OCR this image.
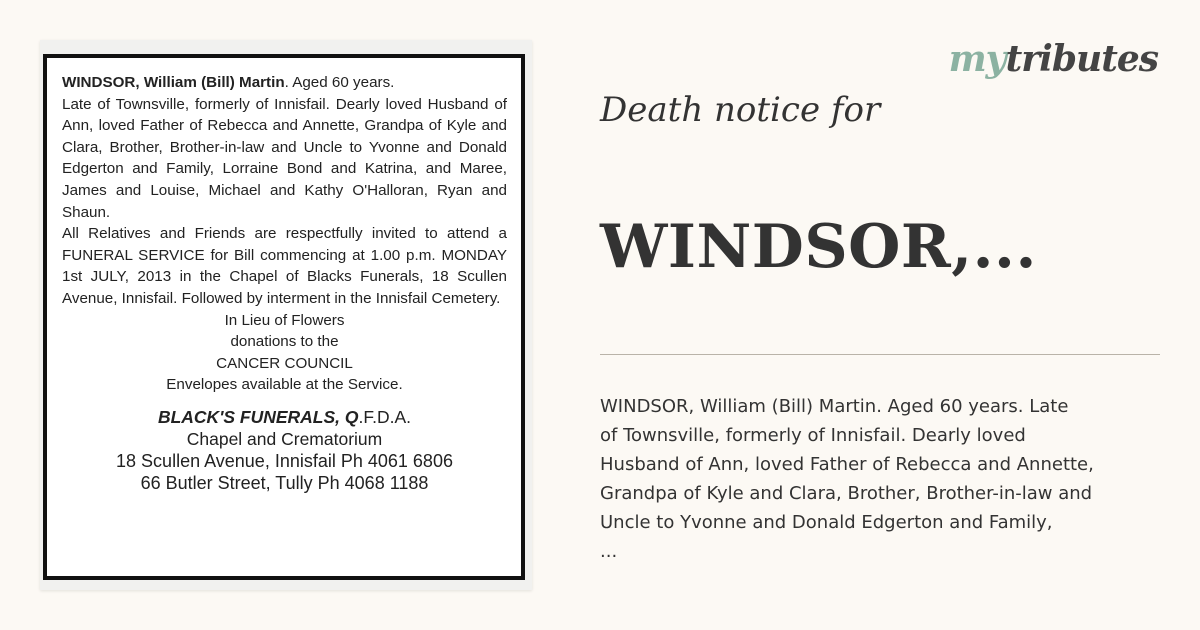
WINDSOR, William (Bill) Martin. Aged 60 years.

Late of Townsville, formerly of Innisfail. Dearly loved Husband of Ann, loved Father of Rebecca and Annette, Grandpa of Kyle and Clara, Brother, Brother-in-law and Uncle to Yvonne and Donald Edgerton and Family, Lorraine Bond and Katrina, and Maree, James and Louise, Michael and Kathy O'Halloran, Ryan and Shaun.

All Relatives and Friends are respectfully invited to attend a FUNERAL SERVICE for Bill commencing at 1.00 p.m. MONDAY 1st JULY, 2013 in the Chapel of Blacks Funerals, 18 Scullen Avenue, Innisfail. Followed by interment in the Innisfail Cemetery.

In Lieu of Flowers

donations to the

CANCER COUNCIL

Envelopes available at the Service.

BLACK'S FUNERALS, Q.F.D.A.
Chapel and Crematorium
18 Scullen Avenue, Innisfail Ph 4061 6806
66 Butler Street, Tully Ph 4068 1188
mytributes
Death notice for
WINDSOR,...
WINDSOR, William (Bill) Martin. Aged 60 years. Late
of Townsville, formerly of Innisfail. Dearly loved
Husband of Ann, loved Father of Rebecca and Annette,
Grandpa of Kyle and Clara, Brother, Brother-in-law and
Uncle to Yvonne and Donald Edgerton and Family,
...
